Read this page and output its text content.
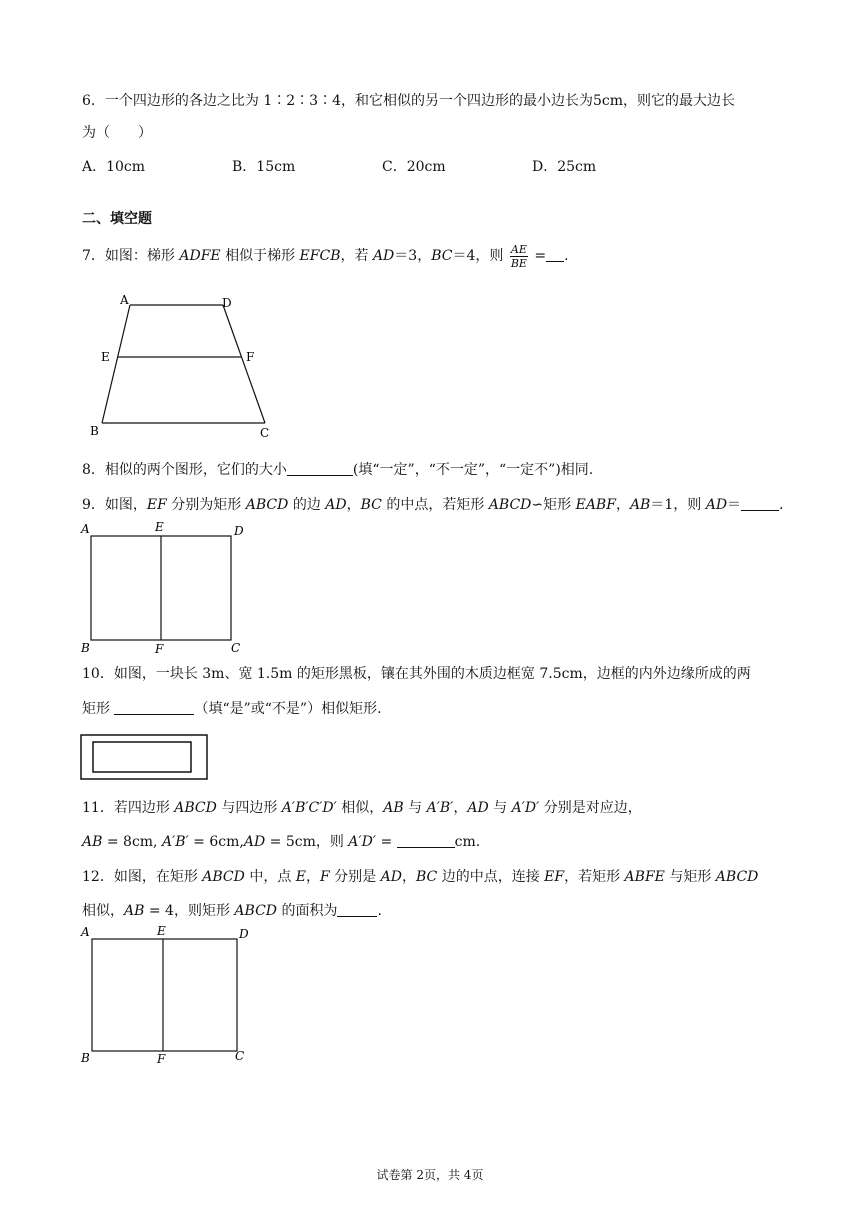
6．一个四边形的各边之比为 1∶2∶3∶4，和它相似的另一个四边形的最小边长为5cm，则它的最大边长
为（　　）
A．10cm	B．15cm	C．20cm	D．25cm
二、填空题
7．如图：梯形 ADFE 相似于梯形 EFCB，若 AD＝3，BC＝4，则 $\frac{AE}{BE}$ = .
A	D
E	F
B	C
8．相似的两个图形，它们的大小	(填“一定”，“不一定”，“一定不”)相同.
9．如图，EF 分别为矩形 ABCD 的边 AD，BC 的中点，若矩形 ABCD∽矩形 EABF，AB＝1，则 AD＝	.
A	E	D
B	F	C
10．如图，一块长 3m、宽 1.5m 的矩形黑板，镶在其外围的木质边框宽 7.5cm，边框的内外边缘所成的两
矩形	（填“是”或“不是”）相似矩形.
11．若四边形 ABCD 与四边形 A′B′C′D′ 相似，AB 与 A′B′，AD 与 A′D′ 分别是对应边，
AB = 8cm, A′B′ = 6cm,AD = 5cm，则 A′D′ =	cm.
12．如图，在矩形 ABCD 中，点 E，F 分别是 AD，BC 边的中点，连接 EF，若矩形 ABFE 与矩形 ABCD
相似，AB = 4，则矩形 ABCD 的面积为	.
A	E	D
B	F	C
试卷第 2页，共 4页
